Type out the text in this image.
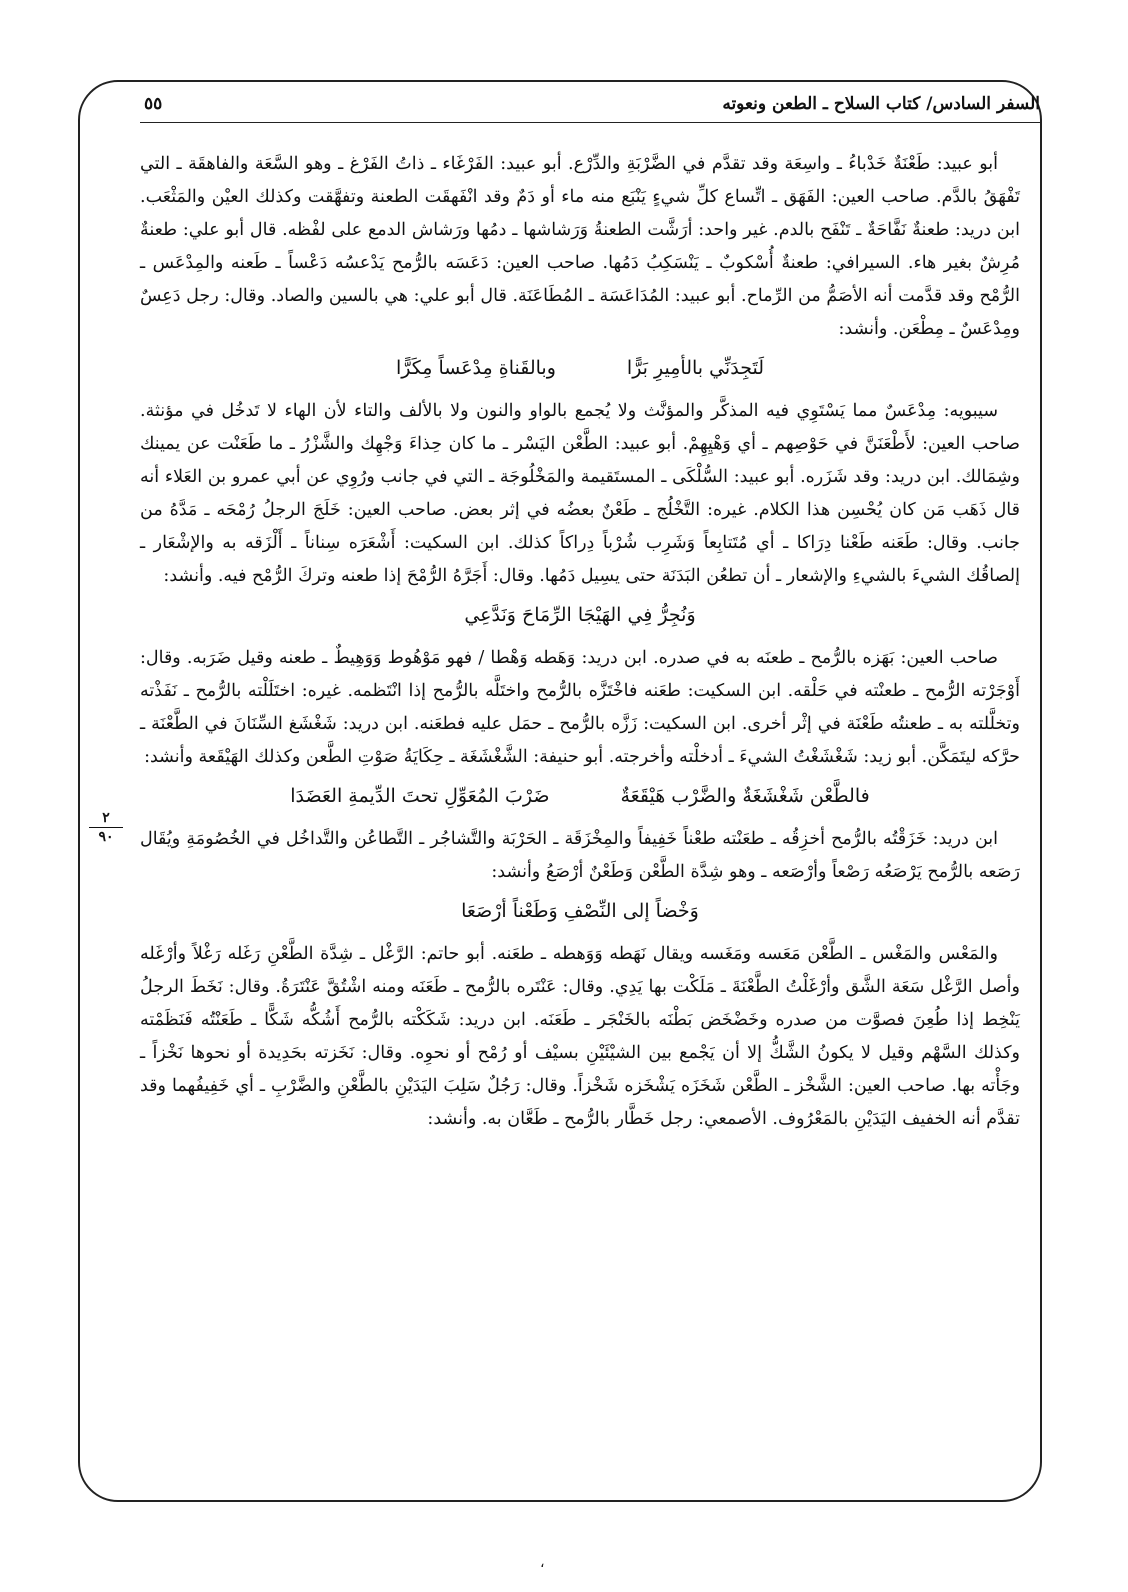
السفر السادس/ كتاب السلاح ـ الطعن ونعوته
٥٥
٢
٩٠

أبو عبيد: طَعْنَةٌ خَدْباءُ ـ واسِعَة وقد تقدَّم في الضَّرْبَةِ والدِّرْع. أبو عبيد: الفَرْغَاء ـ ذاتُ الفَرْغ ـ وهو السَّعَة والفاهقَة ـ التي تَفْهَقُ بالدَّم. صاحب العين: الفَهَق ـ اتِّساع كلِّ شيءٍ يَنْبَع منه ماء أو دَمٌ وقد انْفَهقَت الطعنة وتفهَّقت وكذلك العيْن والمَثْعَب. ابن دريد: طعنةٌ نَفَّاحَةٌ ـ تَنْفَح بالدم. غير واحد: أرَشَّت الطعنةُ وَرَشاشها ـ دمُها ورَشاش الدمع على لفْظه. قال أبو علي: طعنةٌ مُرِشٌ بغير هاء. السيرافي: طعنةٌ أُسْكوبٌ ـ يَنْسَكِبُ دَمُها. صاحب العين: دَعَسَه بالرُّمح يَدْعسُه دَعْساً ـ طَعنه والمِدْعَس ـ الرُّمْح وقد قدَّمت أنه الأصَمُّ من الرِّماح. أبو عبيد: المُدَاعَسَة ـ المُطَاعَنَة. قال أبو علي: هي بالسين والصاد. وقال: رجل دَعِسٌ ومِدْعَسٌ ـ مِطْعَن. وأنشد:

لَتَجِدَنِّي بالأمِيرِ بَرًّا وبالقَناةِ مِدْعَساً مِكَرًّا

سيبويه: مِدْعَسٌ مما يَسْتَوِي فيه المذكَّر والمؤنَّث ولا يُجمع بالواو والنون ولا بالألف والتاء لأن الهاء لا تَدخُل في مؤنثة. صاحب العين: لأَطْعَنَنَّ في حَوْصِهم ـ أي وَهْيِهِمْ. أبو عبيد: الطَّعْن اليَسْر ـ ما كان حِذاءَ وَجْهِك والشَّزْرُ ـ ما طَعَنْت عن يمينك وشِمَالك. ابن دريد: وقد شَزَره. أبو عبيد: السُّلْكَى ـ المستَقيمة والمَخْلُوجَة ـ التي في جانب ورُوِي عن أبي عمرو بن العَلاء أنه قال ذَهَب مَن كان يُحْسِن هذا الكلام. غيره: التَّخْلُج ـ طَعْنٌ بعضُه في إثر بعض. صاحب العين: خَلَجَ الرجلُ رُمْحَه ـ مَدَّهُ من جانب. وقال: طَعَنه طَعْنا دِرَاكا ـ أي مُتَتابِعاً وَشَرِب شُرْباً دِراكاً كذلك. ابن السكيت: أَشْعَرَه سِناناً ـ أَلْزَقه به والإشْعَار ـ إلصاقُك الشيءَ بالشيءِ والإشعار ـ أن تطعُن البَدَنَة حتى يسِيل دَمُها. وقال: أَجَرَّهُ الرُّمْحَ إذا طعنه وتركَ الرُّمْح فيه. وأنشد:

وَنُجِرُّ فِي الهَيْجَا الرِّمَاحَ وَنَدَّعِي

صاحب العين: بَهَزه بالرُّمح ـ طعنَه به في صدره. ابن دريد: وَهَطه وَهْطا / فهو مَوْهُوط وَوَهِيطٌ ـ طعنه وقيل ضَرَبه. وقال: أَوْجَرْته الرُّمح ـ طعنْته في حَلْقه. ابن السكيت: طعَنه فاخْتَزَّه بالرُّمح واختَلَّه بالرُّمح إذا انْتَظمه. غيره: اختَلَلْته بالرُّمح ـ نَفَذْته وتخلَّلته به ـ طعنتُه طَعْنَة في إثْر أخرى. ابن السكيت: زَزَّه بالرُّمح ـ حمَل عليه فطعَنه. ابن دريد: شَغْشَغ السِّنَانَ في الطَّعْنَة ـ حرَّكه ليتَمَكَّن. أبو زيد: شَغْشَغْتُ الشيءَ ـ أدخلْته وأخرجته. أبو حنيفة: الشَّغْشَغَة ـ حِكَايَةُ صَوْتِ الطَّعن وكذلك الهَيْقَعة وأنشد:

فالطَّعْن شَغْشَغَةٌ والضَّرْب هَيْقَعَةٌ ضَرْبَ المُعَوِّلِ تحتَ الدِّيمةِ العَضَدَا

ابن دريد: خَزَقْتُه بالرُّمح أخزِقُه ـ طعَنْته طعْناً خَفِيفاً والمِخْزَقَة ـ الحَرْبَة والتَّشاجُر ـ التَّطاعُن والتَّداخُل في الخُصُومَةِ ويُقَال رَصَعه بالرُّمح يَرْصَعُه رَصْعاً وأرْصَعه ـ وهو شِدَّة الطَّعْن وَطَعْنٌ أرْصَعُ وأنشد:

وَخْضاً إلى النِّصْفِ وَطَعْناً أرْصَعَا

والمَعْس والمَغْس ـ الطَّعْن مَعَسه ومَغَسه ويقال نَهَطه وَوَهطه ـ طعَنه. أبو حاتم: الرَّغْل ـ شِدَّة الطَّعْنِ رَغَله رَغْلاً وأرْغَله وأصل الرَّغْل سَعَة الشَّق وأرْغَلْتُ الطَّعْنَةَ ـ مَلَكْت بها يَدِي. وقال: عَنْتَره بالرُّمح ـ طَعَنَه ومنه اشْتُقَّ عَنْتَرَةُ. وقال: نَخَطَ الرجلُ يَنْخِط إذا طُعِنَ فصوَّت من صدره وخَضْخَض بَطْنَه بالخَنْجَر ـ طَعَنَه. ابن دريد: شَكَكْته بالرُّمح أَشُكُّه شَكًّا ـ طَعَنْتُه فَنَظَمْته وكذلك السَّهْم وقيل لا يكونُ الشَّكُّ إلا أن يَجْمع بين الشيْئَيْنِ بسيْف أو رُمْح أو نحوِه. وقال: نَخَزته بحَدِيدة أو نحوها نَخْزاً ـ وجَأْته بها. صاحب العين: الشَّخْز ـ الطَّعْن شَخَزَه يَشْخَزه شَخْزاً. وقال: رَجُلٌ سَلِبَ اليَدَيْنِ بالطَّعْنِ والضَّرْبِ ـ أي خَفِيفُهما وقد تقدَّم أنه الخفيف اليَدَيْنِ بالمَعْرُوف. الأصمعي: رجل خَطَّار بالرُّمح ـ طَعَّان به. وأنشد:

،
